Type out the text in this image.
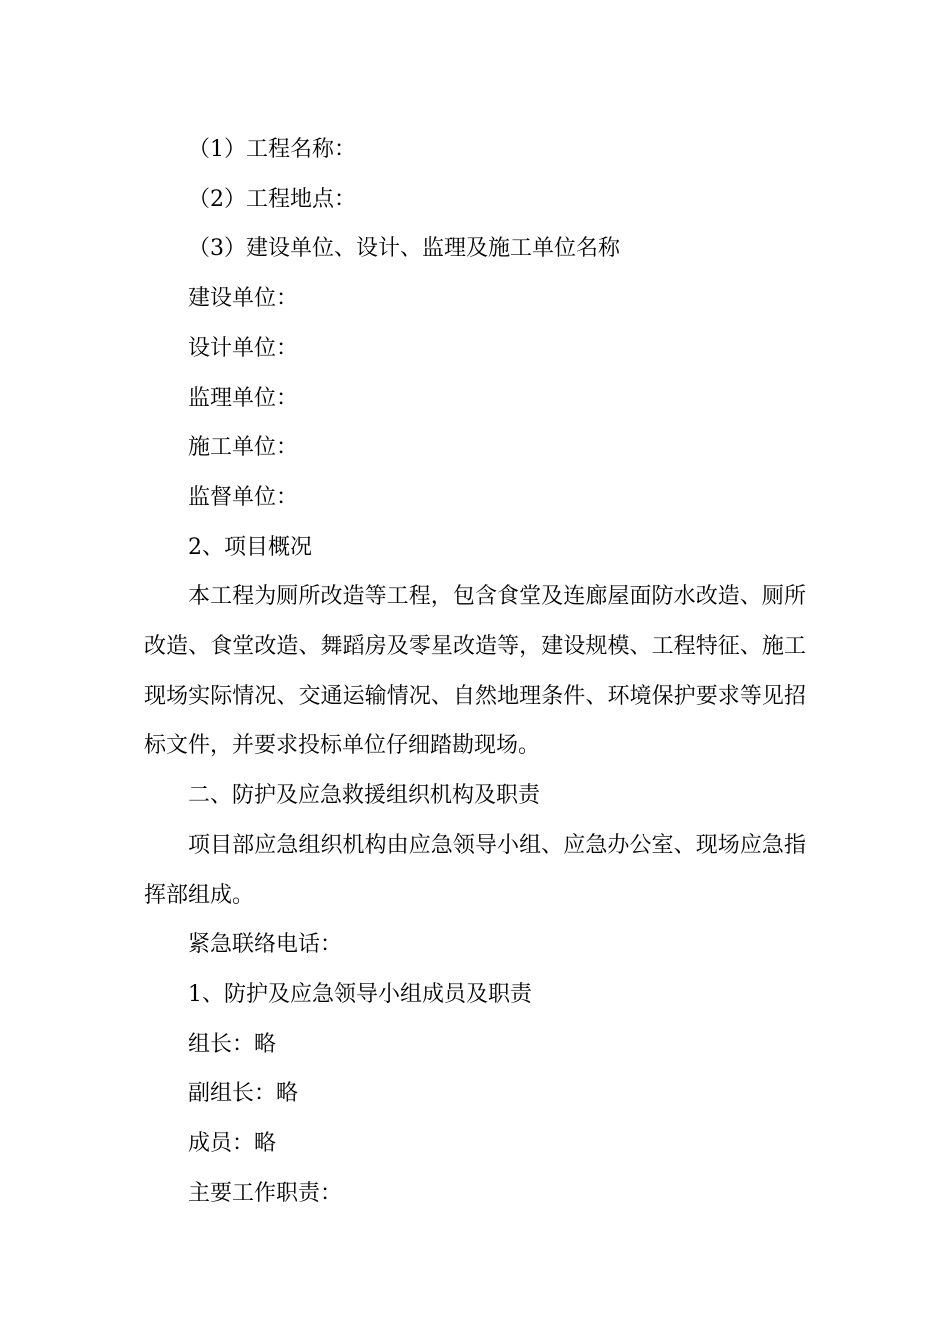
（1）工程名称：

（2）工程地点：

（3）建设单位、设计、监理及施工单位名称

建设单位：

设计单位：

监理单位：

施工单位：

监督单位：

2、项目概况

本工程为厕所改造等工程，包含食堂及连廊屋面防水改造、厕所改造、食堂改造、舞蹈房及零星改造等，建设规模、工程特征、施工现场实际情况、交通运输情况、自然地理条件、环境保护要求等见招标文件，并要求投标单位仔细踏勘现场。

二、防护及应急救援组织机构及职责

项目部应急组织机构由应急领导小组、应急办公室、现场应急指挥部组成。

紧急联络电话：

1、防护及应急领导小组成员及职责

组长：略

副组长：略

成员：略

主要工作职责：
